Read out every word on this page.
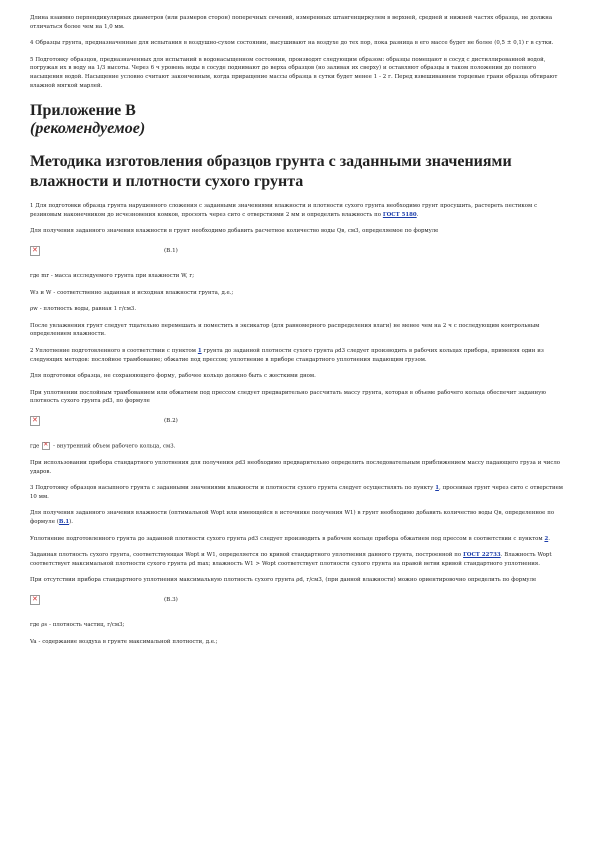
Длина взаимно перпендикулярных диаметров (или размеров сторон) поперечных сечений, измеренных штангенциркулем в верхней, средней и нижней частях образца, не должна отличаться более чем на 1,0 мм.

4 Образцы грунта, предназначенные для испытания в воздушно-сухом состоянии, высушивают на воздухе до тех пор, пока разница в его массе будет не более (0,5 ± 0,1) г в сутки.

5 Подготовку образцов, предназначенных для испытаний в водонасыщенном состоянии, производят следующим образом: образцы помещают в сосуд с дистиллированной водой, погружая их в воду на 1/3 высоты. Через 6 ч уровень воды в сосуде поднимают до верха образцов (но заливая их сверху) и оставляют образцы в таком положении до полного насыщения водой. Насыщение условно считают законченным, когда приращение массы образца в сутки будет менее 1 - 2 г. Перед взвешиванием торцевые грани образца обтирают влажной мягкой марлей.

Приложение В
(рекомендуемое)
Методика изготовления образцов грунта с заданными значениями влажности и плотности сухого грунта

1 Для подготовки образца грунта нарушенного сложения с заданными значениями влажности и плотности сухого грунта необходимо грунт просушить, растереть пестиком с резиновым наконечником до исчезновения комков, просеять через сито с отверстиями 2 мм и определить влажность по ГОСТ 5180.

Для получения заданного значения влажности в грунт необходимо добавить расчетное количество воды Qв, см3, определяемое по формуле

✕	(В.1)

где mr - масса исследуемого грунта при влажности W, г;

Wз и W - соответственно заданная и исходная влажности грунта, д.е.;

ρw - плотность воды, равная 1 г/см3.

После увлажнения грунт следует тщательно перемешать и поместить в эксикатор (для равномерного распределения влаги) не менее чем на 2 ч с последующим контрольным определением влажности.

2 Уплотнение подготовленного в соответствии с пунктом 1 грунта до заданной плотности сухого грунта ρd3 следует производить в рабочих кольцах прибора, применяя один из следующих методов: послойное трамбование; обжатие под прессом; уплотнение в приборе стандартного уплотнения падающим грузом.

Для подготовки образца, не сохраняющего форму, рабочее кольцо должно быть с жесткими дном.

При уплотнении послойным трамбованием или обжатием под прессом следует предварительно рассчитать массу грунта, которая в объеме рабочего кольца обеспечит заданную плотность сухого грунта ρd3, по формуле

✕	(В.2)

где ✕ - внутренний объем рабочего кольца, см3.

При использовании прибора стандартного уплотнения для получения ρd3 необходимо предварительно определить последовательным приближением массу падающего груза и число ударов.

3 Подготовку образцов насыпного грунта с заданными значениями влажности и плотности сухого грунта следует осуществлять по пункту 1, просеивая грунт через сито с отверстием 10 мм.

Для получения заданного значения влажности (оптимальной Wopt или имеющейся в источнике получения W1) в грунт необходимо добавить количество воды Qв, определенное по формуле (В.1).

Уплотнение подготовленного грунта до заданной плотности сухого грунта ρd3 следует производить в рабочем кольце прибора обжатием под прессом в соответствии с пунктом 2.

Заданная плотность сухого грунта, соответствующая Wopt и W1, определяется по кривой стандартного уплотнения данного грунта, построенной по ГОСТ 22733. Влажность Wopt соответствует максимальной плотности сухого грунта ρd max; влажность W1 > Wopt соответствует плотности сухого грунта на правой ветви кривой стандартного уплотнения.

При отсутствии прибора стандартного уплотнения максимальную плотность сухого грунта ρd, г/см3, (при данной влажности) можно ориентировочно определить по формуле

✕	(В.3)

где ρs - плотность частиц, г/см3;

Va - содержание воздуха в грунте максимальной плотности, д.е.;
